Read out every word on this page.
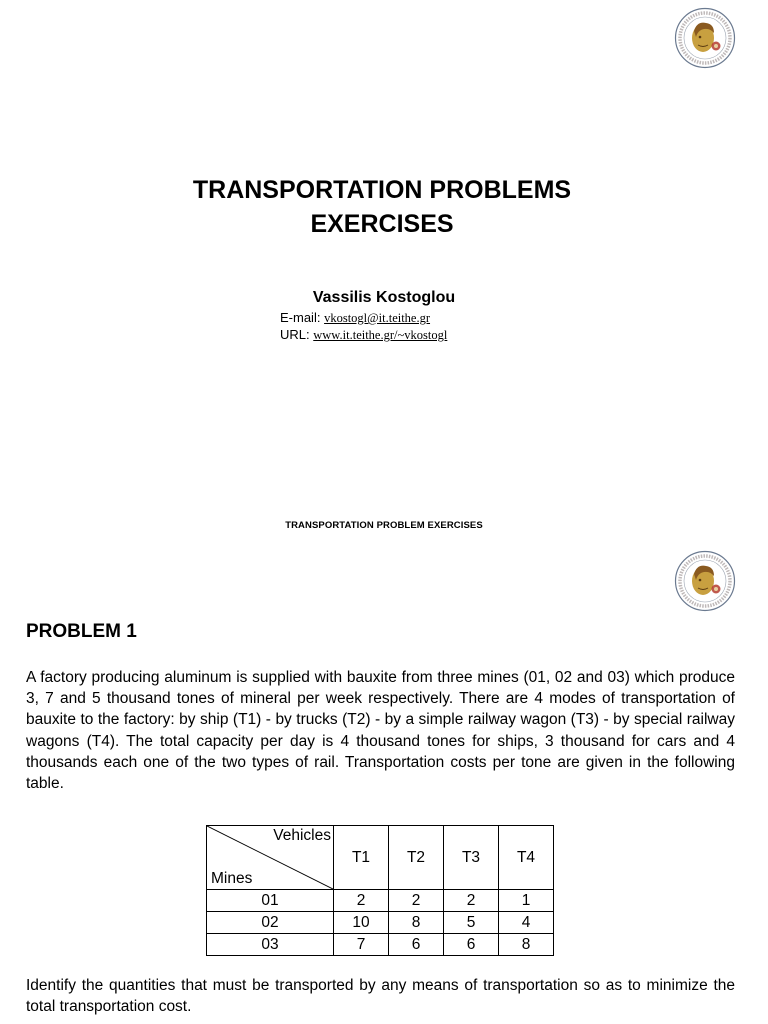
TRANSPORTATION PROBLEMS
EXERCISES
Vassilis Kostoglou
E-mail: vkostogl@it.teithe.gr
URL: www.it.teithe.gr/~vkostogl
TRANSPORTATION PROBLEM EXERCISES
PROBLEM 1
A factory producing aluminum is supplied with bauxite from three mines (01, 02 and 03) which produce 3, 7 and 5 thousand tones of mineral per week respectively. There are 4 modes of transportation of bauxite to the factory: by ship (T1) - by trucks (T2) - by a simple railway wagon (T3) - by special railway wagons (T4). The total capacity per day is 4 thousand tones for ships, 3 thousand for cars and 4 thousands each one of the two types of rail. Transportation costs per tone are given in the following table.
Vehicles
Mines	T1	T2	T3	T4
01	2	2	2	1
02	10	8	5	4
03	7	6	6	8
Identify the quantities that must be transported by any means of transportation so as to minimize the total transportation cost.
